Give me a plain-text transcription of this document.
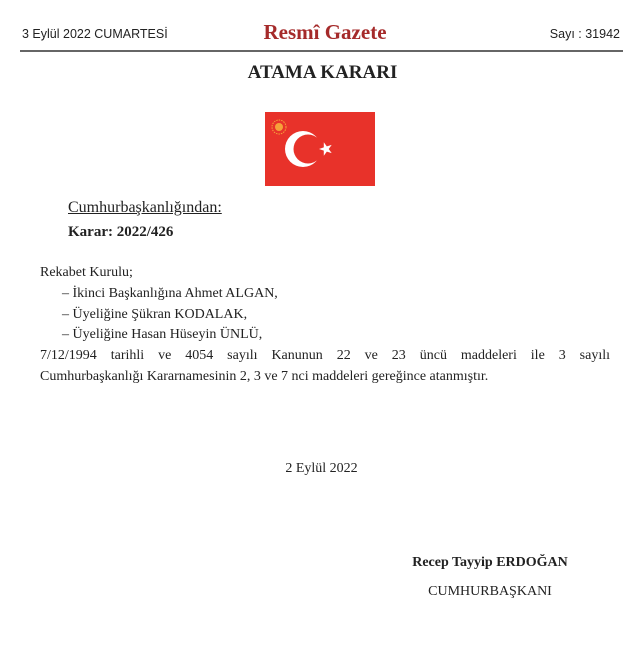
3 Eylül 2022 CUMARTESİ	Resmî Gazete	Sayı : 31942
ATAMA KARARI
Cumhurbaşkanlığından:
Karar: 2022/426
Rekabet Kurulu;
– İkinci Başkanlığına Ahmet ALGAN,
– Üyeliğine Şükran KODALAK,
– Üyeliğine Hasan Hüseyin ÜNLÜ,
7/12/1994 tarihli ve 4054 sayılı Kanunun 22 ve 23 üncü maddeleri ile 3 sayılı
Cumhurbaşkanlığı Kararnamesinin 2, 3 ve 7 nci maddeleri gereğince atanmıştır.
2 Eylül 2022
Recep Tayyip ERDOĞAN
CUMHURBAŞKANI
